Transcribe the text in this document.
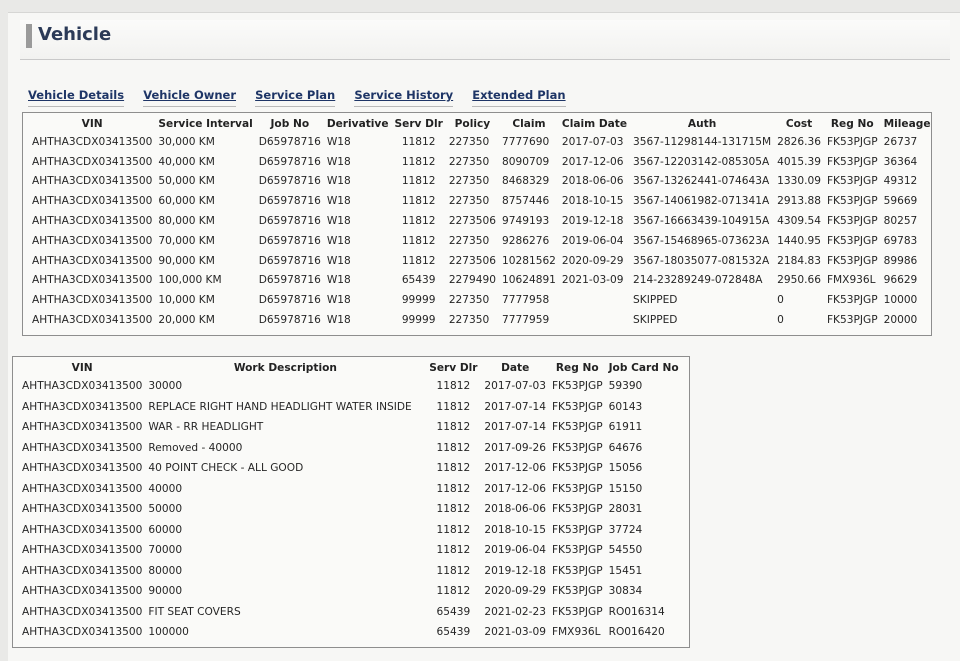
Vehicle
Vehicle Details Vehicle Owner Service Plan Service History Extended Plan
VIN	Service Interval	Job No	Derivative	Serv Dlr	Policy	Claim	Claim Date	Auth	Cost	Reg No	Mileage
AHTHA3CDX03413500	30,000 KM	D65978716	W18	11812	227350	7777690	2017-07-03	3567-11298144-131715M	2826.36	FK53PJGP	26737
AHTHA3CDX03413500	40,000 KM	D65978716	W18	11812	227350	8090709	2017-12-06	3567-12203142-085305A	4015.39	FK53PJGP	36364
AHTHA3CDX03413500	50,000 KM	D65978716	W18	11812	227350	8468329	2018-06-06	3567-13262441-074643A	1330.09	FK53PJGP	49312
AHTHA3CDX03413500	60,000 KM	D65978716	W18	11812	227350	8757446	2018-10-15	3567-14061982-071341A	2913.88	FK53PJGP	59669
AHTHA3CDX03413500	80,000 KM	D65978716	W18	11812	2273506	9749193	2019-12-18	3567-16663439-104915A	4309.54	FK53PJGP	80257
AHTHA3CDX03413500	70,000 KM	D65978716	W18	11812	227350	9286276	2019-06-04	3567-15468965-073623A	1440.95	FK53PJGP	69783
AHTHA3CDX03413500	90,000 KM	D65978716	W18	11812	2273506	10281562	2020-09-29	3567-18035077-081532A	2184.83	FK53PJGP	89986
AHTHA3CDX03413500	100,000 KM	D65978716	W18	65439	2279490	10624891	2021-03-09	214-23289249-072848A	2950.66	FMX936L	96629
AHTHA3CDX03413500	10,000 KM	D65978716	W18	99999	227350	7777958		SKIPPED	0	FK53PJGP	10000
AHTHA3CDX03413500	20,000 KM	D65978716	W18	99999	227350	7777959		SKIPPED	0	FK53PJGP	20000
VIN	Work Description	Serv Dlr	Date	Reg No	Job Card No
AHTHA3CDX03413500	30000	11812	2017-07-03	FK53PJGP	59390
AHTHA3CDX03413500	REPLACE RIGHT HAND HEADLIGHT WATER INSIDE	11812	2017-07-14	FK53PJGP	60143
AHTHA3CDX03413500	WAR - RR HEADLIGHT	11812	2017-07-14	FK53PJGP	61911
AHTHA3CDX03413500	Removed - 40000	11812	2017-09-26	FK53PJGP	64676
AHTHA3CDX03413500	40 POINT CHECK - ALL GOOD	11812	2017-12-06	FK53PJGP	15056
AHTHA3CDX03413500	40000	11812	2017-12-06	FK53PJGP	15150
AHTHA3CDX03413500	50000	11812	2018-06-06	FK53PJGP	28031
AHTHA3CDX03413500	60000	11812	2018-10-15	FK53PJGP	37724
AHTHA3CDX03413500	70000	11812	2019-06-04	FK53PJGP	54550
AHTHA3CDX03413500	80000	11812	2019-12-18	FK53PJGP	15451
AHTHA3CDX03413500	90000	11812	2020-09-29	FK53PJGP	30834
AHTHA3CDX03413500	FIT SEAT COVERS	65439	2021-02-23	FK53PJGP	RO016314
AHTHA3CDX03413500	100000	65439	2021-03-09	FMX936L	RO016420
